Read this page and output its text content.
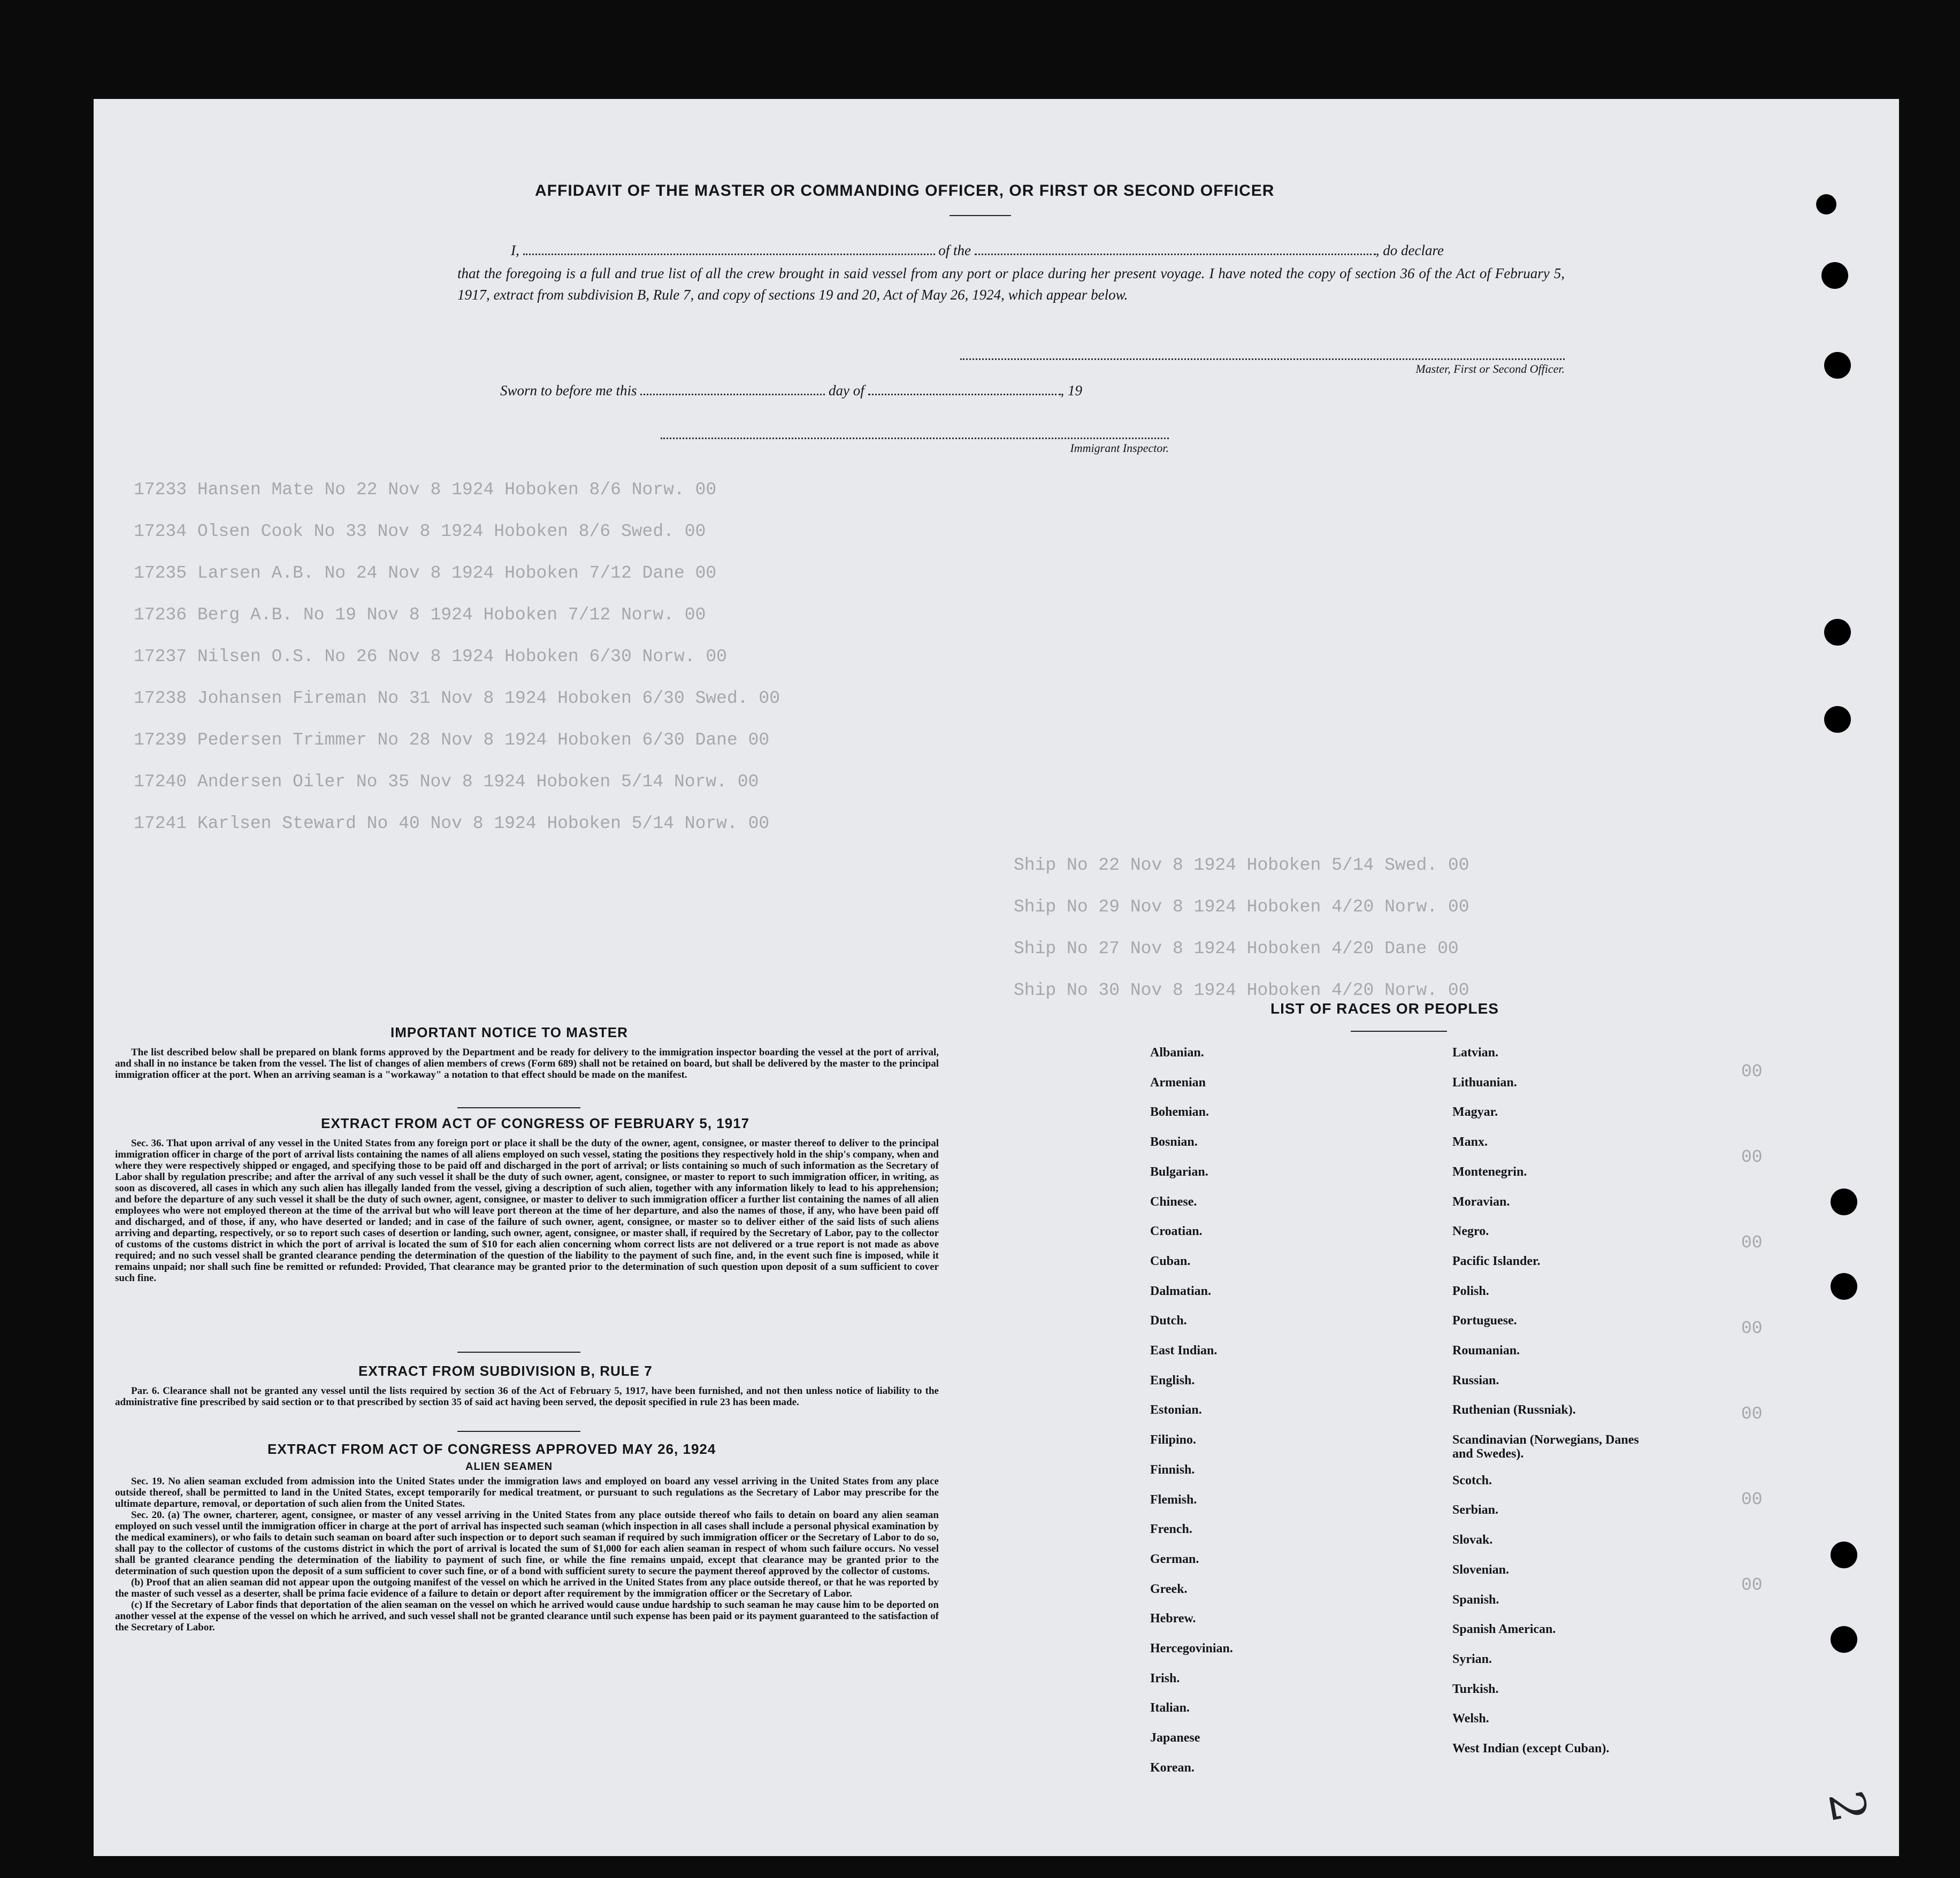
17233 Hansen Mate No 22 Nov 8 1924 Hoboken 8/6 Norw. 00
17234 Olsen Cook No 33 Nov 8 1924 Hoboken 8/6 Swed. 00
17235 Larsen A.B. No 24 Nov 8 1924 Hoboken 7/12 Dane 00
17236 Berg A.B. No 19 Nov 8 1924 Hoboken 7/12 Norw. 00
17237 Nilsen O.S. No 26 Nov 8 1924 Hoboken 6/30 Norw. 00
17238 Johansen Fireman No 31 Nov 8 1924 Hoboken 6/30 Swed. 00
17239 Pedersen Trimmer No 28 Nov 8 1924 Hoboken 6/30 Dane 00
17240 Andersen Oiler No 35 Nov 8 1924 Hoboken 5/14 Norw. 00
17241 Karlsen Steward No 40 Nov 8 1924 Hoboken 5/14 Norw. 00
Ship No 22 Nov 8 1924 Hoboken 5/14 Swed. 00
Ship No 29 Nov 8 1924 Hoboken 4/20 Norw. 00
Ship No 27 Nov 8 1924 Hoboken 4/20 Dane 00
Ship No 30 Nov 8 1924 Hoboken 4/20 Norw. 00
00
00
00
00
00
00
00
AFFIDAVIT OF THE MASTER OR COMMANDING OFFICER, OR FIRST OR SECOND OFFICER
I,	of the	, do declare
that the foregoing is a full and true list of all the crew brought in said vessel from any port or place during her present voyage. I have noted the copy of section 36 of the Act of February 5, 1917, extract from subdivision B, Rule 7, and copy of sections 19 and 20, Act of May 26, 1924, which appear below.
Master, First or Second Officer.
Sworn to before me this	day of	, 19
Immigrant Inspector.
IMPORTANT NOTICE TO MASTER

The list described below shall be prepared on blank forms approved by the Department and be ready for delivery to the immigration inspector boarding the vessel at the port of arrival, and shall in no instance be taken from the vessel. The list of changes of alien members of crews (Form 689) shall not be retained on board, but shall be delivered by the master to the principal immigration officer at the port. When an arriving seaman is a "workaway" a notation to that effect should be made on the manifest.

EXTRACT FROM ACT OF CONGRESS OF FEBRUARY 5, 1917

Sec. 36. That upon arrival of any vessel in the United States from any foreign port or place it shall be the duty of the owner, agent, consignee, or master thereof to deliver to the principal immigration officer in charge of the port of arrival lists containing the names of all aliens employed on such vessel, stating the positions they respectively hold in the ship's company, when and where they were respectively shipped or engaged, and specifying those to be paid off and discharged in the port of arrival; or lists containing so much of such information as the Secretary of Labor shall by regulation prescribe; and after the arrival of any such vessel it shall be the duty of such owner, agent, consignee, or master to report to such immigration officer, in writing, as soon as discovered, all cases in which any such alien has illegally landed from the vessel, giving a description of such alien, together with any information likely to lead to his apprehension; and before the departure of any such vessel it shall be the duty of such owner, agent, consignee, or master to deliver to such immigration officer a further list containing the names of all alien employees who were not employed thereon at the time of the arrival but who will leave port thereon at the time of her departure, and also the names of those, if any, who have been paid off and discharged, and of those, if any, who have deserted or landed; and in case of the failure of such owner, agent, consignee, or master so to deliver either of the said lists of such aliens arriving and departing, respectively, or so to report such cases of desertion or landing, such owner, agent, consignee, or master shall, if required by the Secretary of Labor, pay to the collector of customs of the customs district in which the port of arrival is located the sum of $10 for each alien concerning whom correct lists are not delivered or a true report is not made as above required; and no such vessel shall be granted clearance pending the determination of the question of the liability to the payment of such fine, and, in the event such fine is imposed, while it remains unpaid; nor shall such fine be remitted or refunded: Provided, That clearance may be granted prior to the determination of such question upon deposit of a sum sufficient to cover such fine.

EXTRACT FROM SUBDIVISION B, RULE 7

Par. 6. Clearance shall not be granted any vessel until the lists required by section 36 of the Act of February 5, 1917, have been furnished, and not then unless notice of liability to the administrative fine prescribed by said section or to that prescribed by section 35 of said act having been served, the deposit specified in rule 23 has been made.

EXTRACT FROM ACT OF CONGRESS APPROVED MAY 26, 1924
ALIEN SEAMEN

Sec. 19. No alien seaman excluded from admission into the United States under the immigration laws and employed on board any vessel arriving in the United States from any place outside thereof, shall be permitted to land in the United States, except temporarily for medical treatment, or pursuant to such regulations as the Secretary of Labor may prescribe for the ultimate departure, removal, or deportation of such alien from the United States.

Sec. 20. (a) The owner, charterer, agent, consignee, or master of any vessel arriving in the United States from any place outside thereof who fails to detain on board any alien seaman employed on such vessel until the immigration officer in charge at the port of arrival has inspected such seaman (which inspection in all cases shall include a personal physical examination by the medical examiners), or who fails to detain such seaman on board after such inspection or to deport such seaman if required by such immigration officer or the Secretary of Labor to do so, shall pay to the collector of customs of the customs district in which the port of arrival is located the sum of $1,000 for each alien seaman in respect of whom such failure occurs. No vessel shall be granted clearance pending the determination of the liability to payment of such fine, or while the fine remains unpaid, except that clearance may be granted prior to the determination of such question upon the deposit of a sum sufficient to cover such fine, or of a bond with sufficient surety to secure the payment thereof approved by the collector of customs.

(b) Proof that an alien seaman did not appear upon the outgoing manifest of the vessel on which he arrived in the United States from any place outside thereof, or that he was reported by the master of such vessel as a deserter, shall be prima facie evidence of a failure to detain or deport after requirement by the immigration officer or the Secretary of Labor.

(c) If the Secretary of Labor finds that deportation of the alien seaman on the vessel on which he arrived would cause undue hardship to such seaman he may cause him to be deported on another vessel at the expense of the vessel on which he arrived, and such vessel shall not be granted clearance until such expense has been paid or its payment guaranteed to the satisfaction of the Secretary of Labor.

LIST OF RACES OR PEOPLES
2
Albanian.
Armenian
Bohemian.
Bosnian.
Bulgarian.
Chinese.
Croatian.
Cuban.
Dalmatian.
Dutch.
East Indian.
English.
Estonian.
Filipino.
Finnish.
Flemish.
French.
German.
Greek.
Hebrew.
Hercegovinian.
Irish.
Italian.
Japanese
Korean.
Latvian.
Lithuanian.
Magyar.
Manx.
Montenegrin.
Moravian.
Negro.
Pacific Islander.
Polish.
Portuguese.
Roumanian.
Russian.
Ruthenian (Russniak).
Scandinavian (Norwegians, Danes and Swedes).
Scotch.
Serbian.
Slovak.
Slovenian.
Spanish.
Spanish American.
Syrian.
Turkish.
Welsh.
West Indian (except Cuban).
